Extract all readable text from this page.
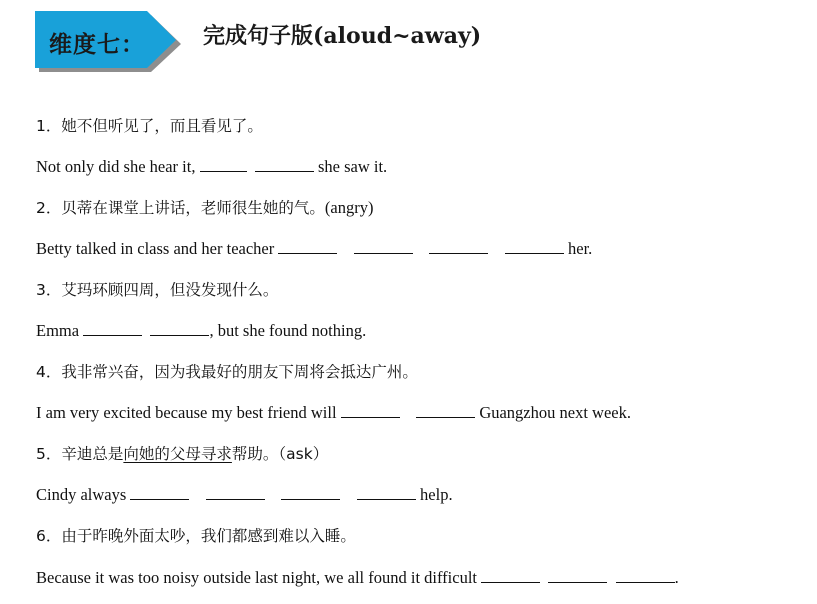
维度七：	完成句子版(aloud~away)
1．她不但听见了，而且看见了。
Not only did she hear it,	she saw it.
2．贝蒂在课堂上讲话，老师很生她的气。(angry)
Betty talked in class and her teacher	her.
3．艾玛环顾四周，但没发现什么。
Emma	, but she found nothing.
4．我非常兴奋，因为我最好的朋友下周将会抵达广州。
I am very excited because my best friend will	Guangzhou next week.
5．辛迪总是向她的父母寻求帮助。（ask）
Cindy always	help.
6．由于昨晚外面太吵，我们都感到难以入睡。
Because it was too noisy outside last night, we all found it difficult	.
